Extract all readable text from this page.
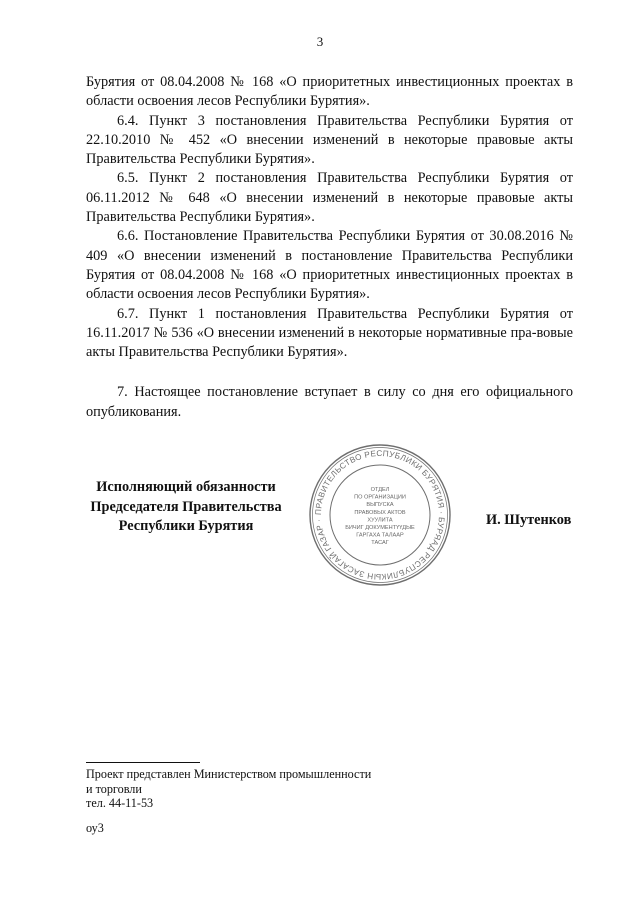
3

Бурятия от 08.04.2008 № 168 «О приоритетных инвестиционных проектах в области освоения лесов Республики Бурятия».

6.4. Пункт 3 постановления Правительства Республики Бурятия от 22.10.2010 № 452 «О внесении изменений в некоторые правовые акты Правительства Республики Бурятия».

6.5. Пункт 2 постановления Правительства Республики Бурятия от 06.11.2012 № 648 «О внесении изменений в некоторые правовые акты Правительства Республики Бурятия».

6.6. Постановление Правительства Республики Бурятия от 30.08.2016 № 409 «О внесении изменений в постановление Правительства Республики Бурятия от 08.04.2008 № 168 «О приоритетных инвестиционных проектах в области освоения лесов Республики Бурятия».

6.7. Пункт 1 постановления Правительства Республики Бурятия от 16.11.2017 № 536 «О внесении изменений в некоторые нормативные пра-вовые акты Правительства Республики Бурятия».

7. Настоящее постановление вступает в силу со дня его официального опубликования.

Исполняющий обязанности
Председателя Правительства
Республики Бурятия
ПРАВИТЕЛЬСТВО РЕСПУБЛИКИ БУРЯТИЯ · БУРЯАД РЕСПУБЛИКЫН ЗАСАГАЙ ГАЗАР ·
ОТДЕЛ
ПО ОРГАНИЗАЦИИ
ВЫПУСКА
ПРАВОВЫХ АКТОВ
ХУУЛИТА
БИЧИГ ДОКУМЕНТҮҮДЫЕ
ГАРГАХА ТАЛААР
ТАСАГ
И. Шутенков
Проект представлен Министерством промышленности
и торговли
тел. 44-11-53
оу3
